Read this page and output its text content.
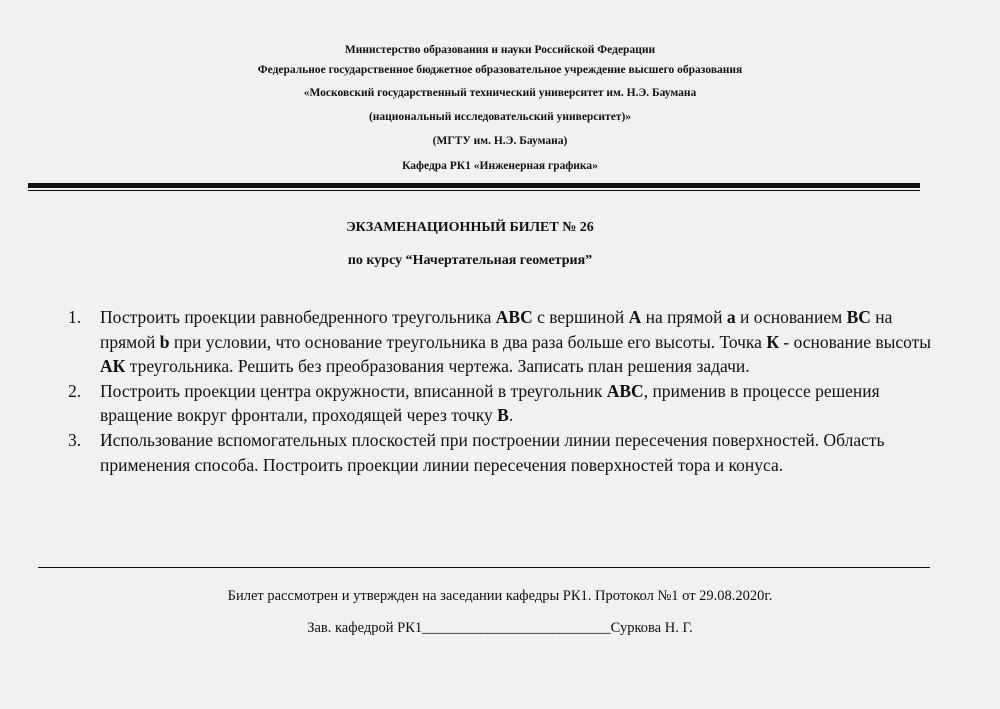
Министерство образования и науки Российской Федерации
Федеральное государственное бюджетное образовательное учреждение высшего образования
«Московский государственный технический университет им. Н.Э. Баумана
(национальный исследовательский университет)»
(МГТУ им. Н.Э. Баумана)
Кафедра РК1 «Инженерная графика»
ЭКЗАМЕНАЦИОННЫЙ БИЛЕТ № 26
по курсу “Начертательная геометрия”
1. Построить проекции равнобедренного треугольника АВС с вершиной А на прямой а и основанием ВС на прямой b при условии, что основание треугольника в два раза больше его высоты. Точка К - основание высоты АК треугольника. Решить без преобразования чертежа. Записать план решения задачи.
2. Построить проекции центра окружности, вписанной в треугольник АВС, применив в процессе решения вращение вокруг фронтали, проходящей через точку В.
3. Использование вспомогательных плоскостей при построении линии пересечения поверхностей. Область применения способа. Построить проекции линии пересечения поверхностей тора и конуса.
Билет рассмотрен и утвержден на заседании кафедры РК1. Протокол №1 от 29.08.2020г.
Зав. кафедрой РК1__________________________Суркова Н. Г.
